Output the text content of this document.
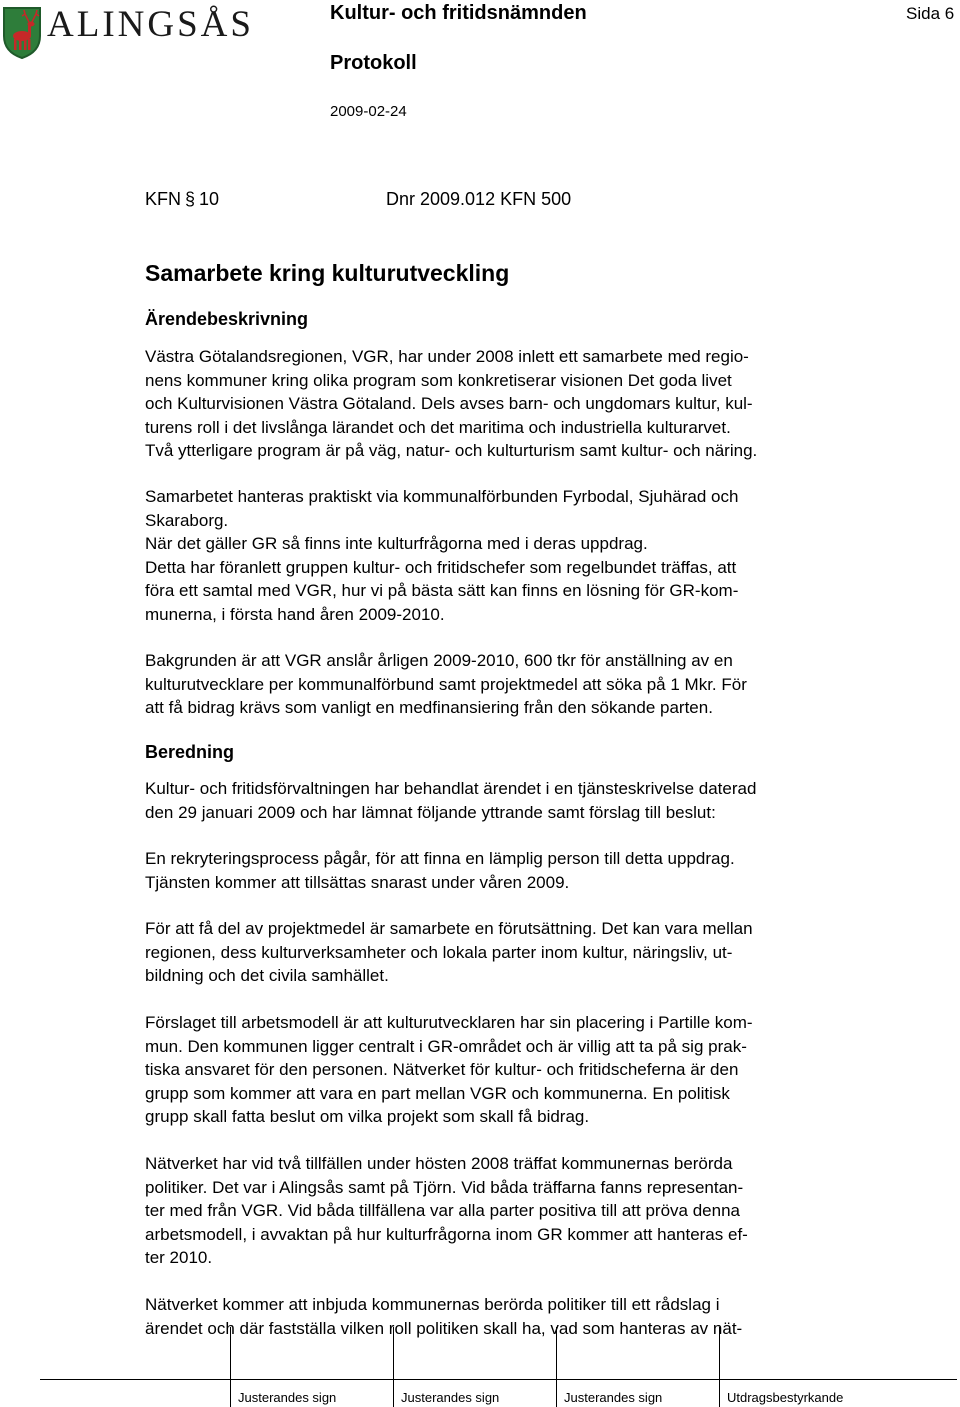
ALINGSÅS	Kultur- och fritidsnämnden	Sida 6
Protokoll
2009-02-24
KFN § 10	Dnr 2009.012 KFN 500
Samarbete kring kulturutveckling
Ärendebeskrivning
Västra Götalandsregionen, VGR, har under 2008 inlett ett samarbete med regio-
nens kommuner kring olika program som konkretiserar visionen Det goda livet
och Kulturvisionen Västra Götaland. Dels avses barn- och ungdomars kultur, kul-
turens roll i det livslånga lärandet och det maritima och industriella kulturarvet.
Två ytterligare program är på väg, natur- och kulturturism samt kultur- och näring.
Samarbetet hanteras praktiskt via kommunalförbunden Fyrbodal, Sjuhärad och
Skaraborg.
När det gäller GR så finns inte kulturfrågorna med i deras uppdrag.
Detta har föranlett gruppen kultur- och fritidschefer som regelbundet träffas, att
föra ett samtal med VGR, hur vi på bästa sätt kan finns en lösning för GR-kom-
munerna, i första hand åren 2009-2010.
Bakgrunden är att VGR anslår årligen 2009-2010, 600 tkr för anställning av en
kulturutvecklare per kommunalförbund samt projektmedel att söka på 1 Mkr. För
att få bidrag krävs som vanligt en medfinansiering från den sökande parten.
Beredning
Kultur- och fritidsförvaltningen har behandlat ärendet i en tjänsteskrivelse daterad
den 29 januari 2009 och har lämnat följande yttrande samt förslag till beslut:
En rekryteringsprocess pågår, för att finna en lämplig person till detta uppdrag.
Tjänsten kommer att tillsättas snarast under våren 2009.
För att få del av projektmedel är samarbete en förutsättning. Det kan vara mellan
regionen, dess kulturverksamheter och lokala parter inom kultur, näringsliv, ut-
bildning och det civila samhället.
Förslaget till arbetsmodell är att kulturutvecklaren har sin placering i Partille kom-
mun. Den kommunen ligger centralt i GR-området och är villig att ta på sig prak-
tiska ansvaret för den personen. Nätverket för kultur- och fritidscheferna är den
grupp som kommer att vara en part mellan VGR och kommunerna. En politisk
grupp skall fatta beslut om vilka projekt som skall få bidrag.
Nätverket har vid två tillfällen under hösten 2008 träffat kommunernas berörda
politiker. Det var i Alingsås samt på Tjörn. Vid båda träffarna fanns representan-
ter med från VGR. Vid båda tillfällena var alla parter positiva till att pröva denna
arbetsmodell, i avvaktan på hur kulturfrågorna inom GR kommer att hanteras ef-
ter 2010.
Nätverket kommer att inbjuda kommunernas berörda politiker till ett rådslag i
ärendet och där fastställa vilken roll politiken skall ha, vad som hanteras av nät-
Justerandes sign	Justerandes sign	Justerandes sign	Utdragsbestyrkande
